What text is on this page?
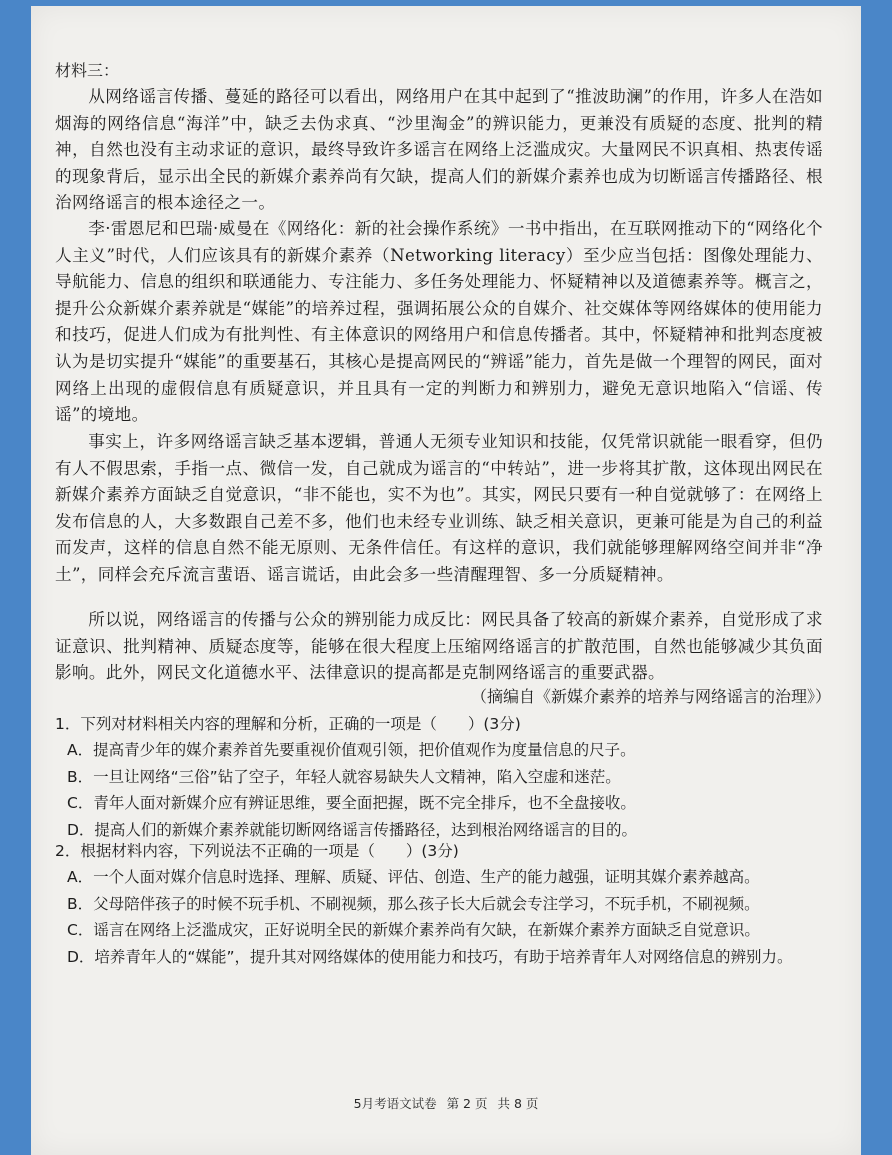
材料三：
从网络谣言传播、蔓延的路径可以看出，网络用户在其中起到了“推波助澜”的作用，许多人在浩如烟海的网络信息“海洋”中，缺乏去伪求真、“沙里淘金”的辨识能力，更兼没有质疑的态度、批判的精神，自然也没有主动求证的意识，最终导致许多谣言在网络上泛滥成灾。大量网民不识真相、热衷传谣的现象背后，显示出全民的新媒介素养尚有欠缺，提高人们的新媒介素养也成为切断谣言传播路径、根治网络谣言的根本途径之一。
李·雷恩尼和巴瑞·威曼在《网络化：新的社会操作系统》一书中指出，在互联网推动下的“网络化个人主义”时代，人们应该具有的新媒介素养（Networking literacy）至少应当包括：图像处理能力、导航能力、信息的组织和联通能力、专注能力、多任务处理能力、怀疑精神以及道德素养等。概言之，提升公众新媒介素养就是“媒能”的培养过程，强调拓展公众的自媒介、社交媒体等网络媒体的使用能力和技巧，促进人们成为有批判性、有主体意识的网络用户和信息传播者。其中，怀疑精神和批判态度被认为是切实提升“媒能”的重要基石，其核心是提高网民的“辨谣”能力，首先是做一个理智的网民，面对网络上出现的虚假信息有质疑意识，并且具有一定的判断力和辨别力，避免无意识地陷入“信谣、传谣”的境地。
事实上，许多网络谣言缺乏基本逻辑，普通人无须专业知识和技能，仅凭常识就能一眼看穿，但仍有人不假思索，手指一点、微信一发，自己就成为谣言的“中转站”，进一步将其扩散，这体现出网民在新媒介素养方面缺乏自觉意识，“非不能也，实不为也”。其实，网民只要有一种自觉就够了：在网络上发布信息的人，大多数跟自己差不多，他们也未经专业训练、缺乏相关意识，更兼可能是为自己的利益而发声，这样的信息自然不能无原则、无条件信任。有这样的意识，我们就能够理解网络空间并非“净土”，同样会充斥流言蜚语、谣言谎话，由此会多一些清醒理智、多一分质疑精神。
所以说，网络谣言的传播与公众的辨别能力成反比：网民具备了较高的新媒介素养，自觉形成了求证意识、批判精神、质疑态度等，能够在很大程度上压缩网络谣言的扩散范围，自然也能够减少其负面影响。此外，网民文化道德水平、法律意识的提高都是克制网络谣言的重要武器。
（摘编自《新媒介素养的培养与网络谣言的治理》）

1．下列对材料相关内容的理解和分析，正确的一项是（　　）(3分)

A．提高青少年的媒介素养首先要重视价值观引领，把价值观作为度量信息的尺子。

B．一旦让网络“三俗”钻了空子，年轻人就容易缺失人文精神，陷入空虚和迷茫。

C．青年人面对新媒介应有辨证思维，要全面把握，既不完全排斥，也不全盘接收。

D．提高人们的新媒介素养就能切断网络谣言传播路径，达到根治网络谣言的目的。

2．根据材料内容，下列说法不正确的一项是（　　）(3分)

A．一个人面对媒介信息时选择、理解、质疑、评估、创造、生产的能力越强，证明其媒介素养越高。

B．父母陪伴孩子的时候不玩手机、不刷视频，那么孩子长大后就会专注学习，不玩手机，不刷视频。

C．谣言在网络上泛滥成灾，正好说明全民的新媒介素养尚有欠缺，在新媒介素养方面缺乏自觉意识。

D．培养青年人的“媒能”，提升其对网络媒体的使用能力和技巧，有助于培养青年人对网络信息的辨别力。

5月考语文试卷 第 2 页 共 8 页
